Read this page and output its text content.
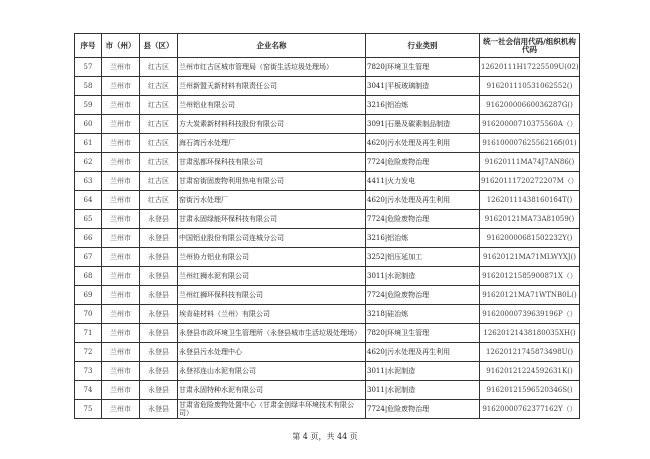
序号	市（州）	县（区）	企业名称	行业类别	统一社会信用代码/组织机构代码
57	兰州市	红古区	兰州市红古区城市管理局（窑街生活垃圾处理场）	7820|环境卫生管理	12620111H17225509U(02)
58	兰州市	红古区	兰州新盟天新材料有限责任公司	3041|平板玻璃制造	916201110531062552()
59	兰州市	红古区	兰州铝业有限公司	3216|铝冶炼	91620000660036287G()
60	兰州市	红古区	方大炭素新材料科技股份有限公司	3091|石墨及碳素制品制造	91620000710375560A（）
61	兰州市	红古区	海石湾污水处理厂	4620|污水处理及再生利用	91610000762556216б(01)
62	兰州市	红古区	甘肃泓都环保科技有限公司	7724|危险废物治理	91620111MA74J7AN86()
63	兰州市	红古区	甘肃窑街固废物利用热电有限公司	4411|火力发电	91620111720272207M（）
64	兰州市	红古区	窑街污水处理厂	4620|污水处理及再生利用	126201114381601б4T()
65	兰州市	永登县	甘肃永固绿能环保科技有限公司	7724|危险废物治理	91620121MA73A81059()
66	兰州市	永登县	中国铝业股份有限公司连城分公司	3216|铝冶炼	91620000681502232Y()
67	兰州市	永登县	兰州协力铝业有限公司	3252|铝压延加工	91620121MA71MLWYXJ()
68	兰州市	永登县	兰州红狮水泥有限公司	3011|水泥制造	91620121585900871X（）
69	兰州市	永登县	兰州红狮环保科技有限公司	7724|危险废物治理	91620121MA71WTNB0L()
70	兰州市	永登县	埃肯硅材料（兰州）有限公司	3218|硅冶炼	91620000739639196P（）
71	兰州市	永登县	永登县市政环境卫生管理所（永登县城市生活垃圾处理场）	7820|环境卫生管理	12620121438180035XH()
72	兰州市	永登县	永登县污水处理中心	4620|污水处理及再生利用	12620121745873498U()
73	兰州市	永登县	永登祁连山水泥有限公司	3011|水泥制造	91620121224592631K()
74	兰州市	永登县	甘肃永固特种水泥有限公司	3011|水泥制造	91620121596520346S()
75	兰州市	永登县	甘肃省危险废物处置中心（甘肃金创绿丰环境技术有限公司）	7724|危险废物治理	91620000762377162Y（）
第 4 页，共 44 页
